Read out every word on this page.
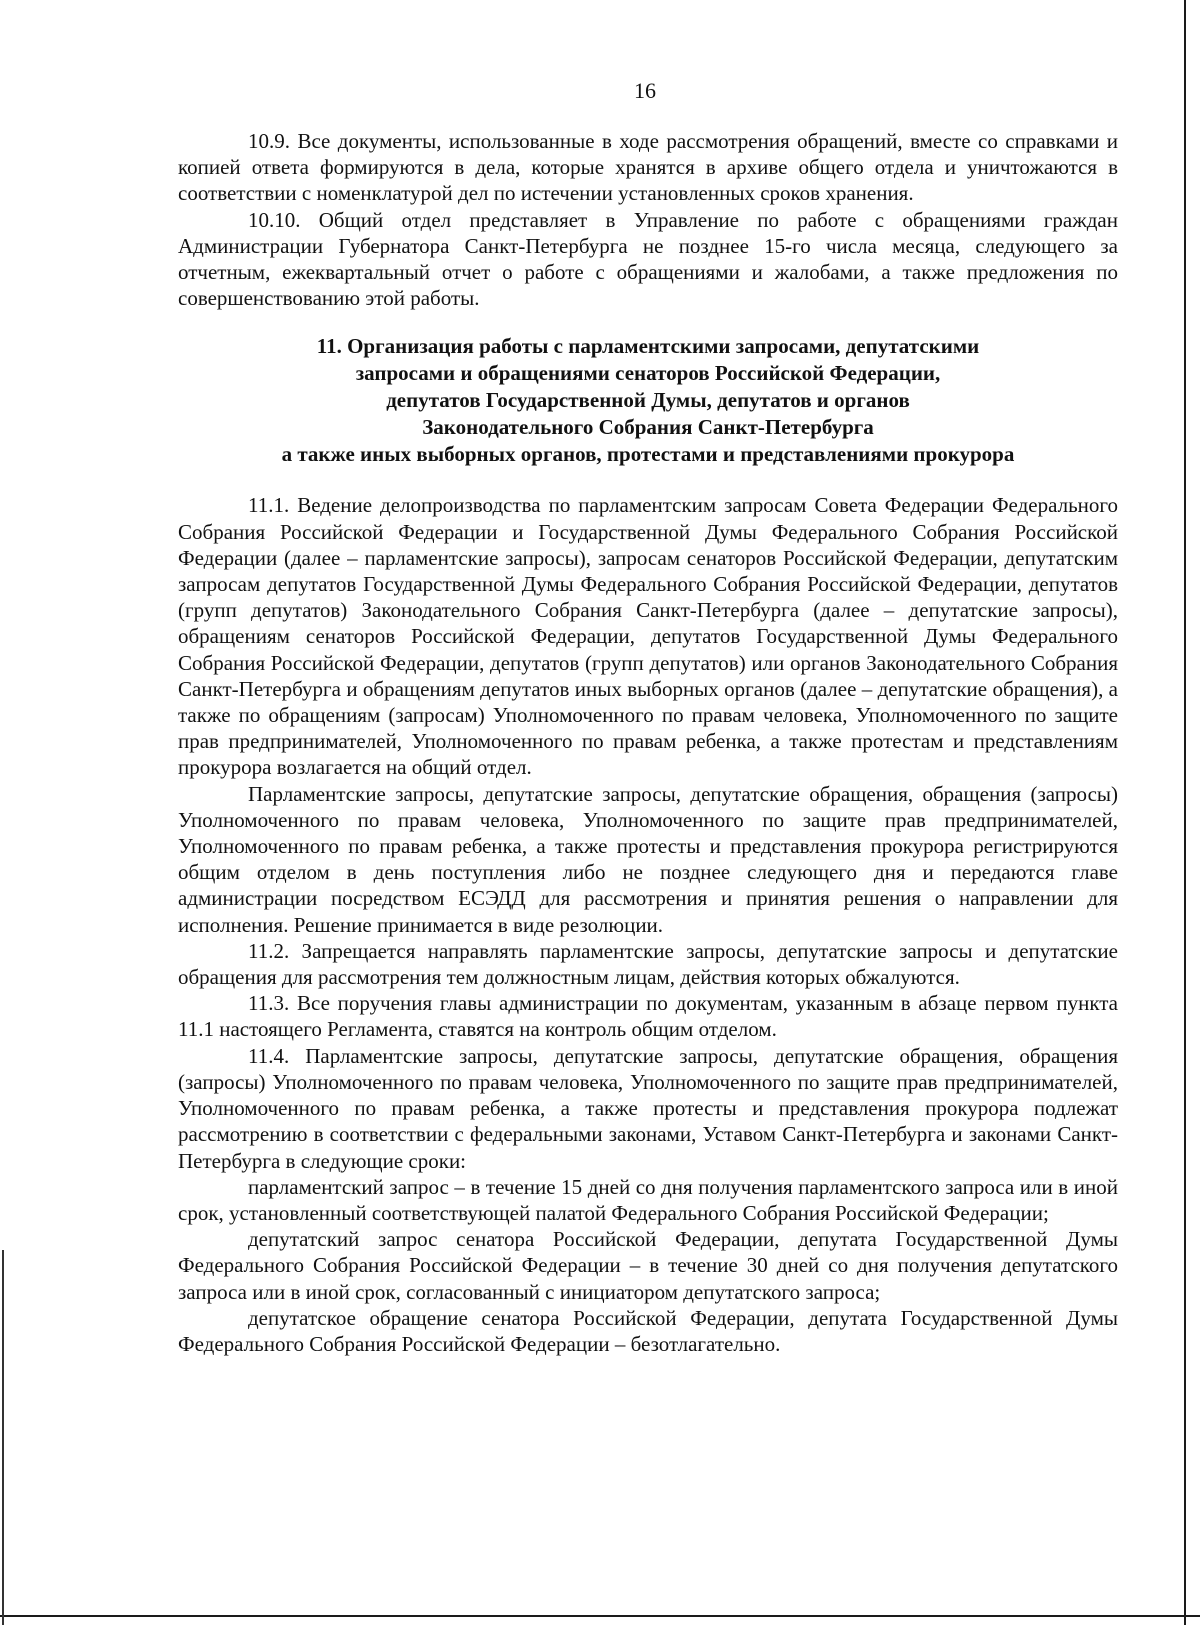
16

10.9. Все документы, использованные в ходе рассмотрения обращений, вместе со справками и копией ответа формируются в дела, которые хранятся в архиве общего отдела и уничтожаются в соответствии с номенклатурой дел по истечении установленных сроков хранения.

10.10. Общий отдел представляет в Управление по работе с обращениями граждан Администрации Губернатора Санкт-Петербурга не позднее 15-го числа месяца, следующего за отчетным, ежеквартальный отчет о работе с обращениями и жалобами, а также предложения по совершенствованию этой работы.

11. Организация работы с парламентскими запросами, депутатскими
запросами и обращениями сенаторов Российской Федерации,
депутатов Государственной Думы, депутатов и органов
Законодательного Собрания Санкт-Петербурга
а также иных выборных органов, протестами и представлениями прокурора

11.1. Ведение делопроизводства по парламентским запросам Совета Федерации Федерального Собрания Российской Федерации и Государственной Думы Федерального Собрания Российской Федерации (далее – парламентские запросы), запросам сенаторов Российской Федерации, депутатским запросам депутатов Государственной Думы Федерального Собрания Российской Федерации, депутатов (групп депутатов) Законодательного Собрания Санкт-Петербурга (далее – депутатские запросы), обращениям сенаторов Российской Федерации, депутатов Государственной Думы Федерального Собрания Российской Федерации, депутатов (групп депутатов) или органов Законодательного Собрания Санкт-Петербурга и обращениям депутатов иных выборных органов (далее – депутатские обращения), а также по обращениям (запросам) Уполномоченного по правам человека, Уполномоченного по защите прав предпринимателей, Уполномоченного по правам ребенка, а также протестам и представлениям прокурора возлагается на общий отдел.

Парламентские запросы, депутатские запросы, депутатские обращения, обращения (запросы) Уполномоченного по правам человека, Уполномоченного по защите прав предпринимателей, Уполномоченного по правам ребенка, а также протесты и представления прокурора регистрируются общим отделом в день поступления либо не позднее следующего дня и передаются главе администрации посредством ЕСЭДД для рассмотрения и принятия решения о направлении для исполнения. Решение принимается в виде резолюции.

11.2. Запрещается направлять парламентские запросы, депутатские запросы и депутатские обращения для рассмотрения тем должностным лицам, действия которых обжалуются.

11.3. Все поручения главы администрации по документам, указанным в абзаце первом пункта 11.1 настоящего Регламента, ставятся на контроль общим отделом.

11.4. Парламентские запросы, депутатские запросы, депутатские обращения, обращения (запросы) Уполномоченного по правам человека, Уполномоченного по защите прав предпринимателей, Уполномоченного по правам ребенка, а также протесты и представления прокурора подлежат рассмотрению в соответствии с федеральными законами, Уставом Санкт-Петербурга и законами Санкт-Петербурга в следующие сроки:

парламентский запрос – в течение 15 дней со дня получения парламентского запроса или в иной срок, установленный соответствующей палатой Федерального Собрания Российской Федерации;

депутатский запрос сенатора Российской Федерации, депутата Государственной Думы Федерального Собрания Российской Федерации – в течение 30 дней со дня получения депутатского запроса или в иной срок, согласованный с инициатором депутатского запроса;

депутатское обращение сенатора Российской Федерации, депутата Государственной Думы Федерального Собрания Российской Федерации – безотлагательно.
